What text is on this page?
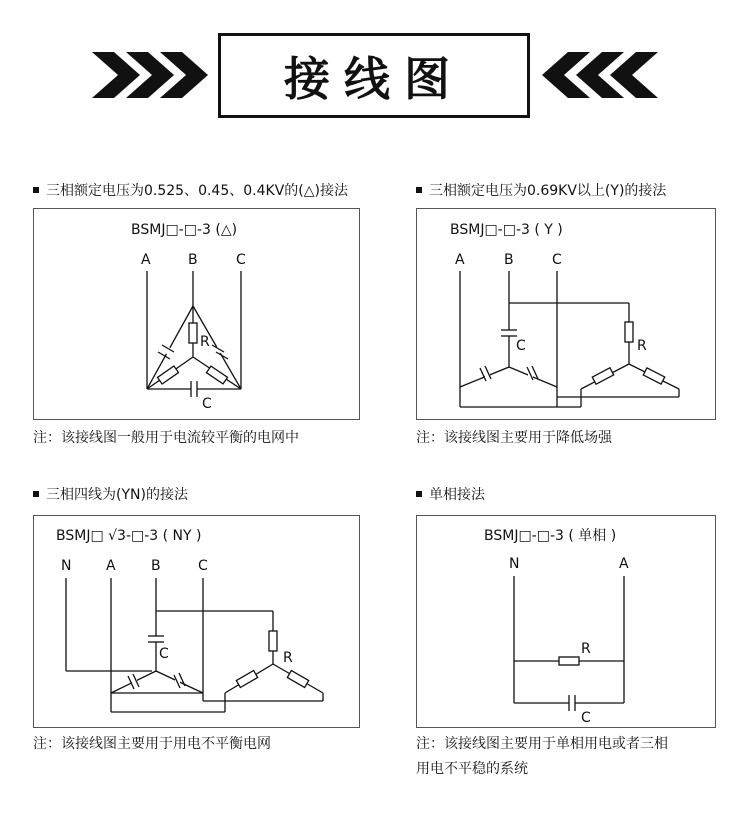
接线图
三相额定电压为0.525、0.45、0.4KV的(△)接法
BSMJ□-□-3 (△)
A	B	C
C
R
注：该接线图一般用于电流较平衡的电网中
三相额定电压为0.69KV以上(Y)的接法
BSMJ□-□-3 ( Y )
A	B	C
C	R
注：该接线图主要用于降低场强
三相四线为(YN)的接法
BSMJ□ √3-□-3 ( NY )
N A	B	C
C	R
注：该接线图主要用于用电不平衡电网
单相接法
BSMJ□-□-3 ( 单相 )
N	A
R
C
注：该接线图主要用于单相用电或者三相
用电不平稳的系统
